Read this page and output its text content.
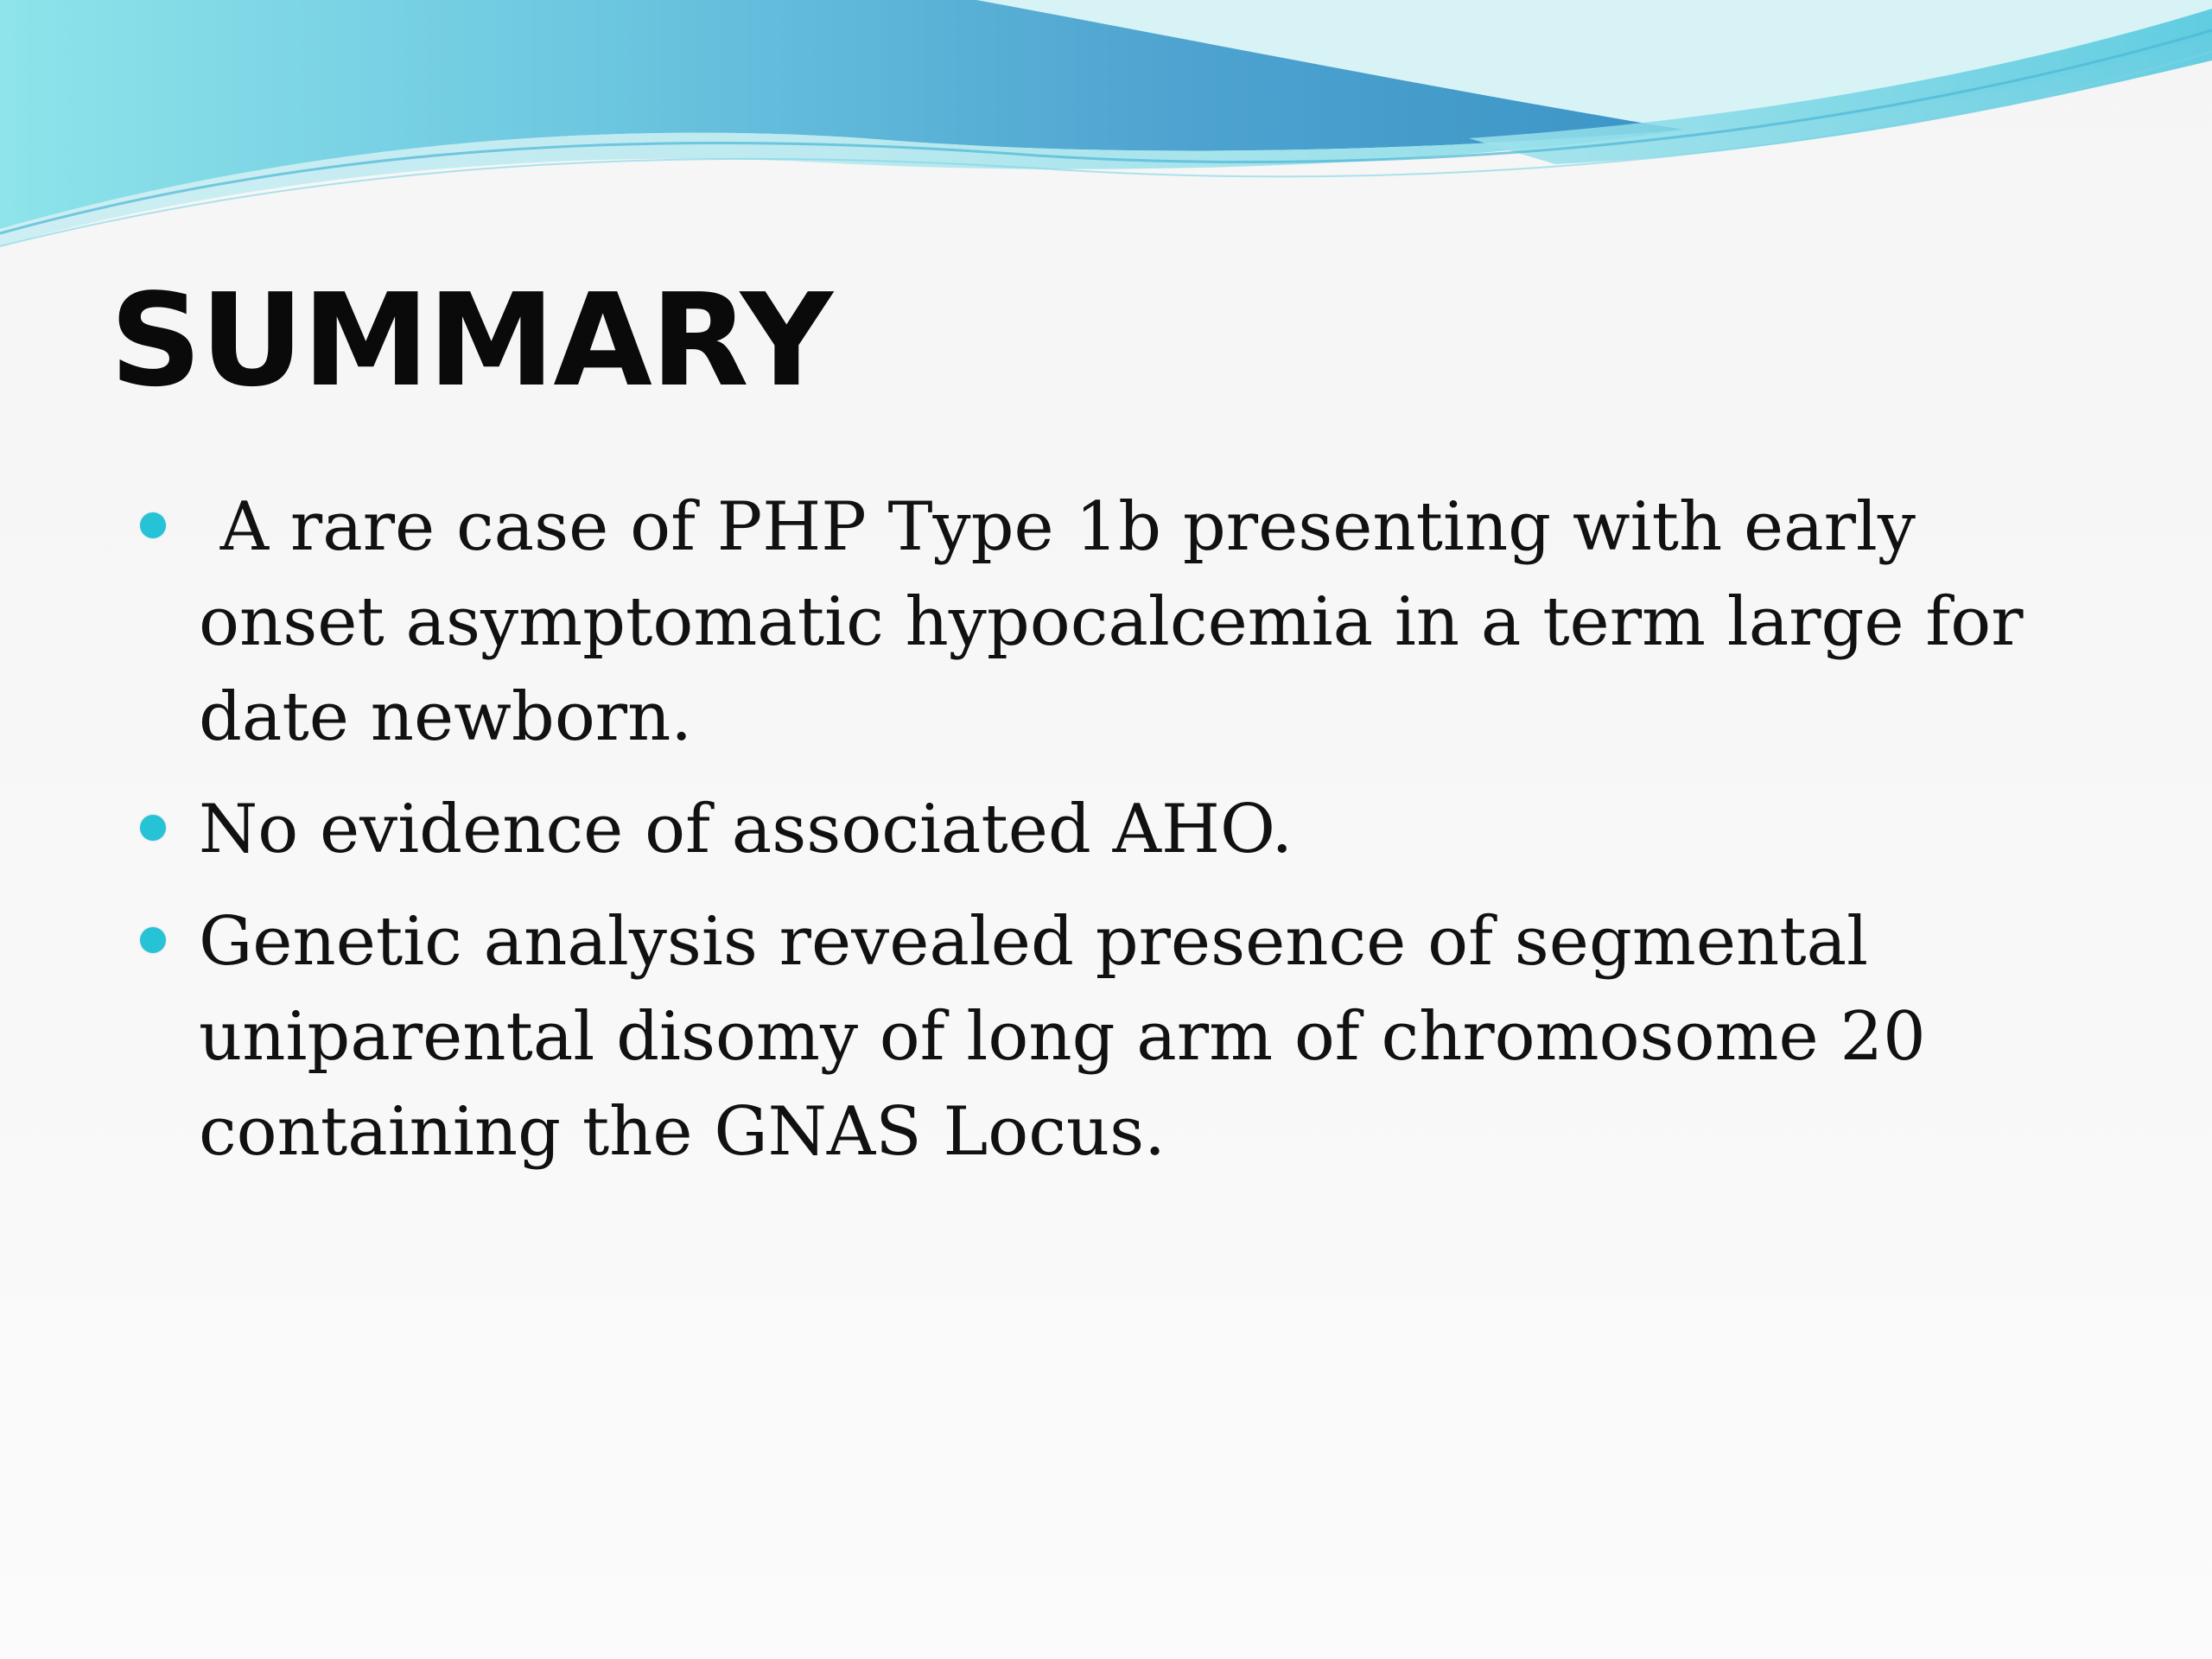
SUMMARY
A rare case of PHP Type 1b presenting with early onset asymptomatic hypocalcemia in a term large for date newborn.
No evidence of associated AHO.
Genetic analysis revealed presence of segmental uniparental disomy of long arm of chromosome 20 containing the GNAS Locus.
